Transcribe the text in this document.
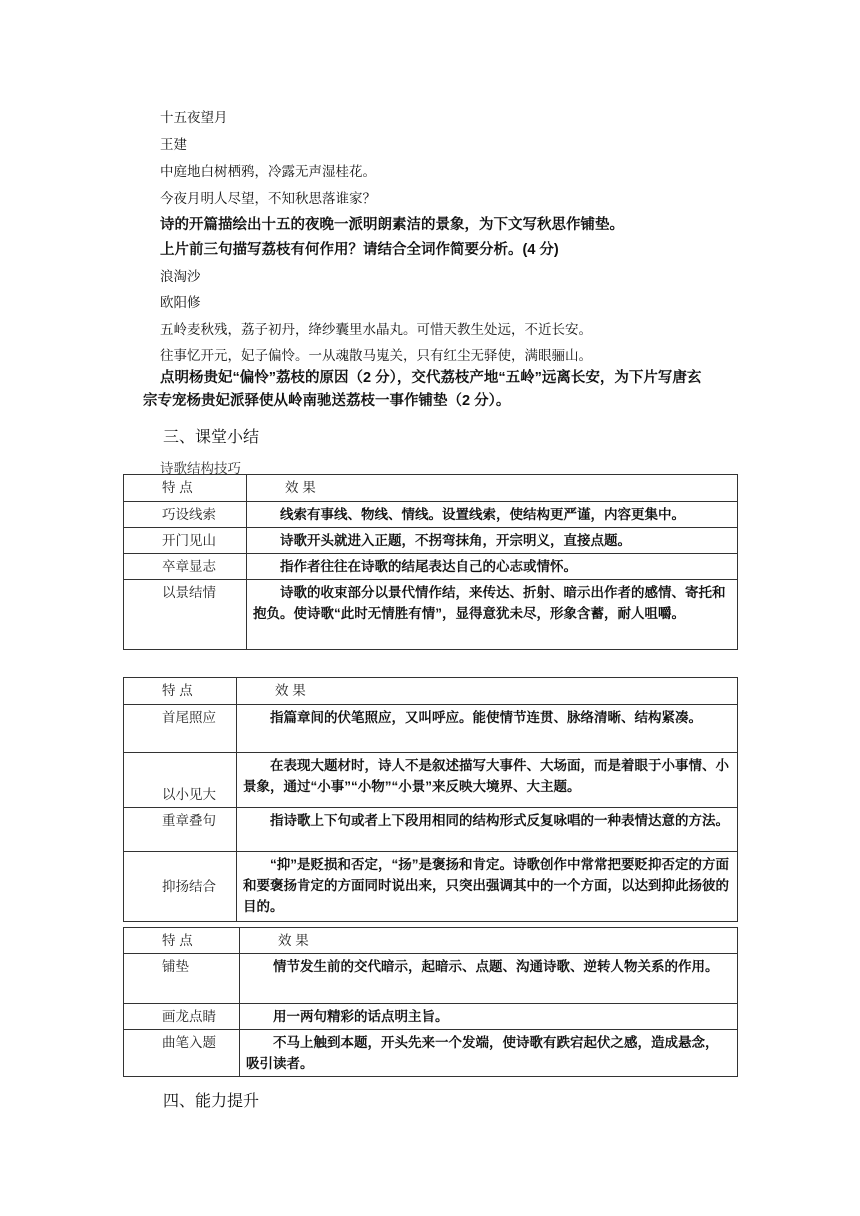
十五夜望月
王建
中庭地白树栖鸦，冷露无声湿桂花。
今夜月明人尽望，不知秋思落谁家？
诗的开篇描绘出十五的夜晚一派明朗素洁的景象，为下文写秋思作铺垫。
上片前三句描写荔枝有何作用？请结合全词作简要分析。(4 分)
浪淘沙
欧阳修
五岭麦秋残，荔子初丹，绛纱囊里水晶丸。可惜天教生处远，不近长安。
往事忆开元，妃子偏怜。一从魂散马嵬关，只有红尘无驿使，满眼骊山。
点明杨贵妃“偏怜”荔枝的原因（2 分），交代荔枝产地“五岭”远离长安，为下片写唐玄宗专宠杨贵妃派驿使从岭南驰送荔枝一事作铺垫（2 分）。
三、课堂小结
诗歌结构技巧
特 点	效 果
巧设线索	线索有事线、物线、情线。设置线索，使结构更严谨，内容更集中。
开门见山	诗歌开头就进入正题，不拐弯抹角，开宗明义，直接点题。
卒章显志	指作者往往在诗歌的结尾表达自己的心志或情怀。
以景结情	诗歌的收束部分以景代情作结，来传达、折射、暗示出作者的感情、寄托和抱负。使诗歌“此时无情胜有情”，显得意犹未尽，形象含蓄，耐人咀嚼。
特 点	效 果
首尾照应	指篇章间的伏笔照应，又叫呼应。能使情节连贯、脉络清晰、结构紧凑。
以小见大	在表现大题材时，诗人不是叙述描写大事件、大场面，而是着眼于小事情、小景象，通过“小事”“小物”“小景”来反映大境界、大主题。
重章叠句	指诗歌上下句或者上下段用相同的结构形式反复咏唱的一种表情达意的方法。
抑扬结合	“抑”是贬损和否定，“扬”是褒扬和肯定。诗歌创作中常常把要贬抑否定的方面和要褒扬肯定的方面同时说出来，只突出强调其中的一个方面，以达到抑此扬彼的目的。
特 点	效 果
铺垫	情节发生前的交代暗示，起暗示、点题、沟通诗歌、逆转人物关系的作用。
画龙点睛	用一两句精彩的话点明主旨。
曲笔入题	不马上触到本题，开头先来一个发端，使诗歌有跌宕起伏之感，造成悬念，吸引读者。
四、能力提升
